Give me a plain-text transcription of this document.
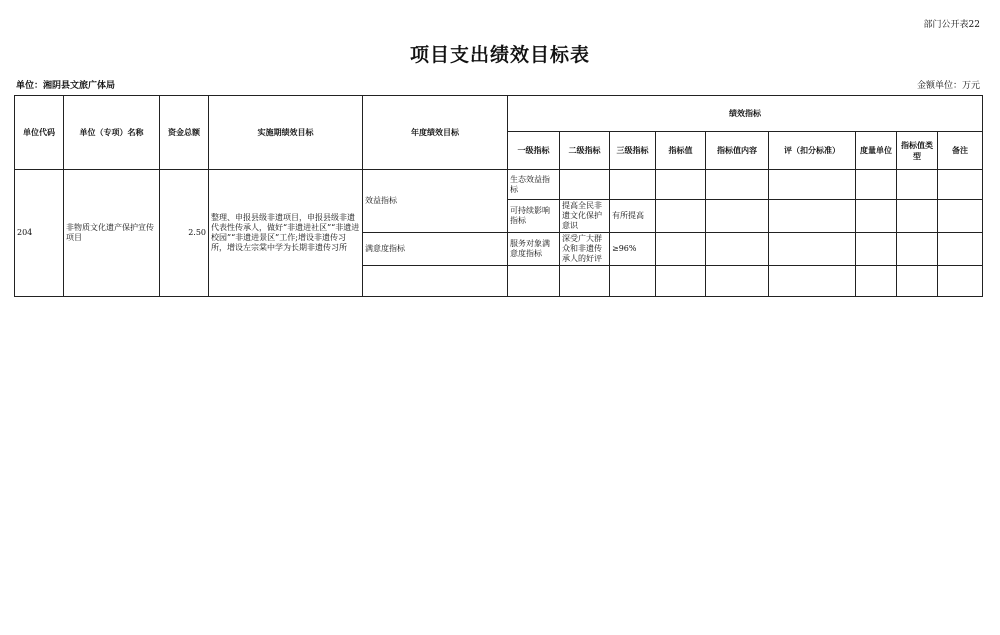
部门公开表22
项目支出绩效目标表
单位：湘阴县文旅广体局	金额单位：万元
单位代码	单位（专项）名称	资金总额	实施期绩效目标	年度绩效目标	绩效指标								
					一级指标	二级指标	三级指标	指标值	指标值内容	评（扣分标准）	度量单位	指标值类型	备注
204	非物质文化遗产保护宣传项目	2.50	整理、申报县级非遗项目，申报县级非遗代表性传承人，做好“非遗进社区”“非遗进校园”“非遗进景区”工作;增设非遗传习所，增设左宗棠中学为长期非遗传习所	效益指标	生态效益指标								
					可持续影响指标	提高全民非遗文化保护意识	有所提高						
				满意度指标	服务对象满意度指标	深受广大群众和非遗传承人的好评	≥96%						
